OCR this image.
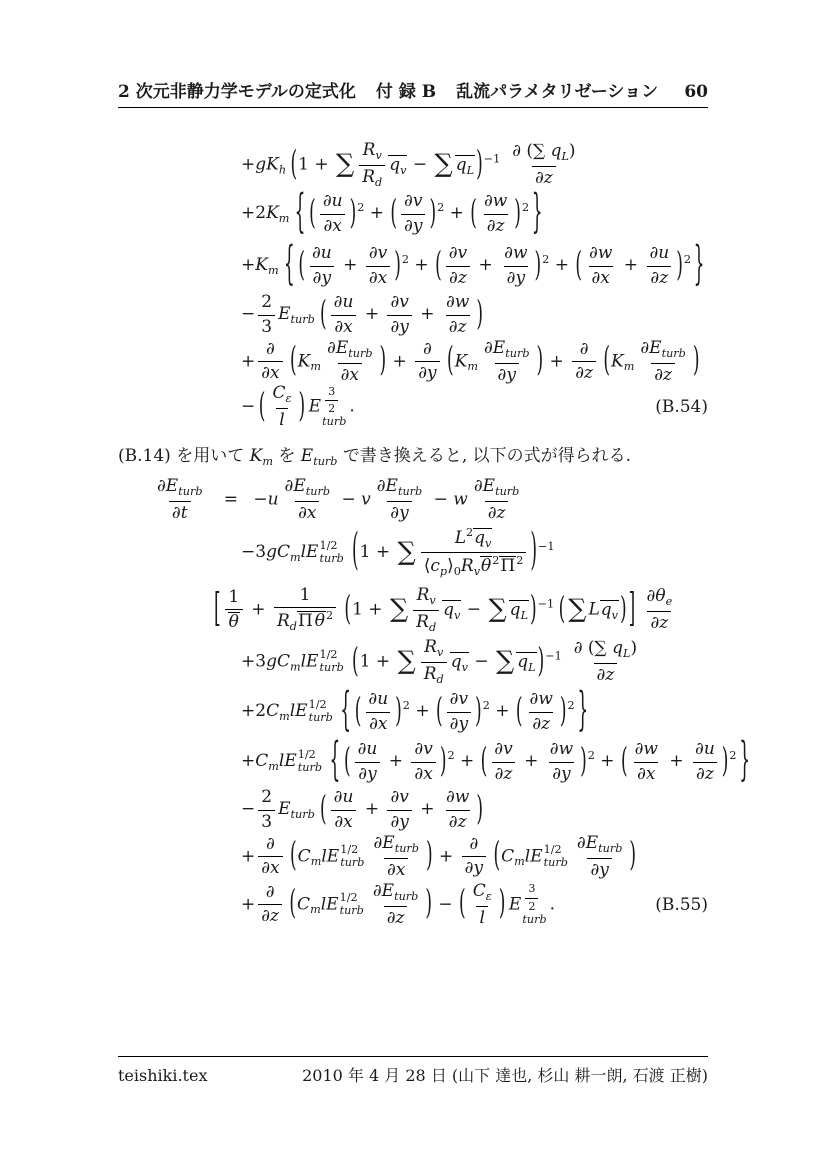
2 次元非静力学モデルの定式化 付 録 B 乱流パラメタリゼーション 60
$+gK_h$ (1 + ∑ $\frac{R_v}{R_d} q_v$ − ∑ $q_L$ )$^{-1} \frac{\partial (\sum q_L)}{\partial z}$
$+2K_m$ { ( $\frac{\partial u}{\partial x} )^2$ + ( $\frac{\partial v}{\partial y} )^2$ + ( $\frac{\partial w}{\partial z} )^2$ }
$+K_m$ { ( $\frac{\partial u}{\partial y} + \frac{\partial v}{\partial x} )^2$ + ( $\frac{\partial v}{\partial z} + \frac{\partial w}{\partial y} )^2$ + ( $\frac{\partial w}{\partial x} + \frac{\partial u}{\partial z} )^2$ }
− $\frac{2}{3} E_{turb}$ ( $\frac{\partial u}{\partial x} + \frac{\partial v}{\partial y} + \frac{\partial w}{\partial z}$ )
+
∂
∂x ($K_m$
$\partial E_{turb}$
∂x ) +
∂
∂y ($K_m$
$\partial E_{turb}$
∂y ) +
∂
∂z ($K_m$
$\partial E_{turb}$
∂z )
− ( $\frac{C_\varepsilon}{l}$ ) E $\frac{3}{2}$
turb
.	(B.54)
(B.14) を用いて $K_m$ を $E_{turb}$ で書き換えると, 以下の式が得られる.
$\partial E_{turb}$
∂t
= −u
$\partial E_{turb}$
∂x
− v
$\partial E_{turb}$
∂y
− w
$\partial E_{turb}$
∂z
$-3gC_mlE$ 1/2
turb (1 + ∑ $L^2q_v$
$⟨c_p⟩_0R_v\theta^2\Pi^2$ )$^{-1}$
[ $\frac{1}{\theta}$ +
1
$R_d\Pi$ $\theta^2$ (1 + ∑ $\frac{R_v}{R_d} q_v$ − ∑ $q_L$ )$^{-1}$ ( ∑ $Lq_v$ ) ] $\frac{\partial\theta_e}{\partial z}$
$+3gC_mlE$ 1/2
turb (1 + ∑ $\frac{R_v}{R_d} q_v$ − ∑ $q_L$ )$^{-1} \frac{\partial (\sum q_L)}{\partial z}$
$+2C_mlE$ 1/2
turb { ( $\frac{\partial u}{\partial x} )^2$ + ( $\frac{\partial v}{\partial y} )^2$ + ( $\frac{\partial w}{\partial z} )^2$ }
$+C_mlE$ 1/2
turb { ( $\frac{\partial u}{\partial y} + \frac{\partial v}{\partial x} )^2$ + ( $\frac{\partial v}{\partial z} + \frac{\partial w}{\partial y} )^2$ + ( $\frac{\partial w}{\partial x} + \frac{\partial u}{\partial z} )^2$ }
− $\frac{2}{3} E_{turb}$ ( $\frac{\partial u}{\partial x} + \frac{\partial v}{\partial y} + \frac{\partial w}{\partial z}$ )
+
∂
∂x ($C_mlE$ 1/2
turb
$\partial E_{turb}$
∂x ) +
∂
∂y ($C_mlE$ 1/2
turb
$\partial E_{turb}$
∂y )
+
∂
∂z ($C_mlE$ 1/2
turb
$\partial E_{turb}$
∂z ) − ( $\frac{C_\varepsilon}{l}$ ) E $\frac{3}{2}$
turb
.	(B.55)
teishiki.tex	2010 年 4 月 28 日 (山下 達也, 杉山 耕一朗, 石渡 正樹)
